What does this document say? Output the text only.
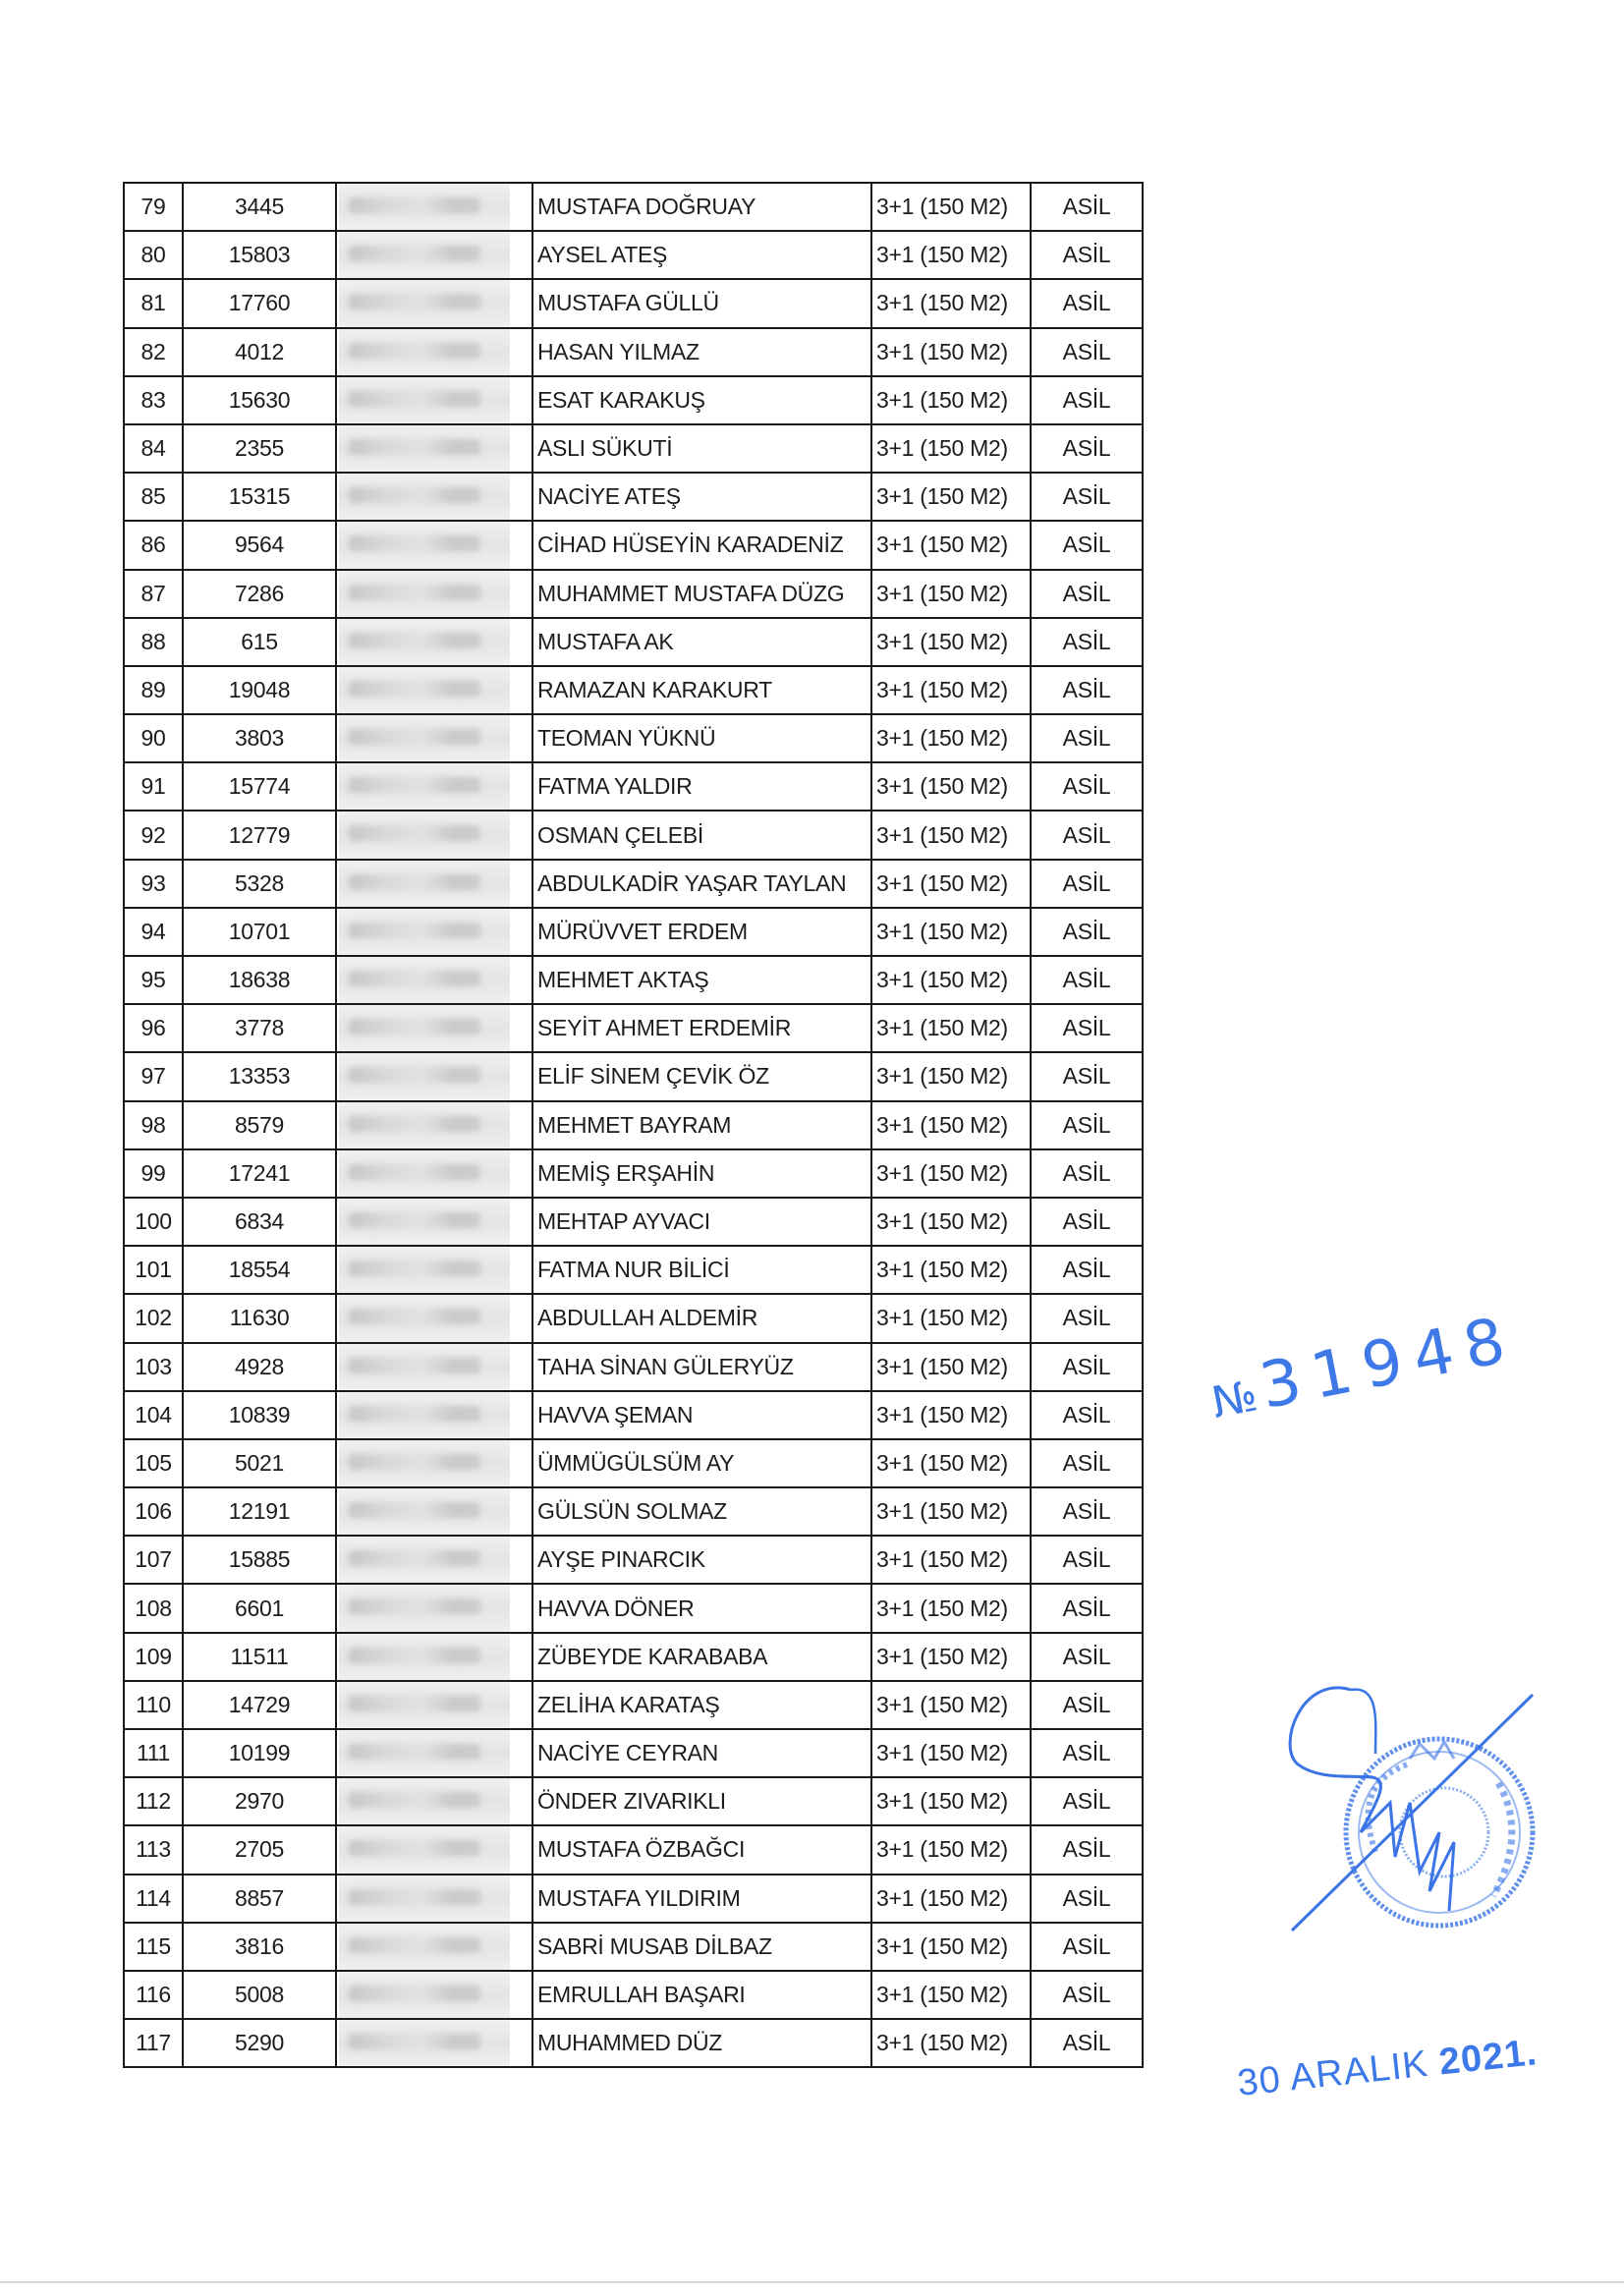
79	3445		MUSTAFA DOĞRUAY	3+1 (150 M2)	ASİL
80	15803		AYSEL ATEŞ	3+1 (150 M2)	ASİL
81	17760		MUSTAFA GÜLLÜ	3+1 (150 M2)	ASİL
82	4012		HASAN YILMAZ	3+1 (150 M2)	ASİL
83	15630		ESAT KARAKUŞ	3+1 (150 M2)	ASİL
84	2355		ASLI SÜKUTİ	3+1 (150 M2)	ASİL
85	15315		NACİYE ATEŞ	3+1 (150 M2)	ASİL
86	9564		CİHAD HÜSEYİN KARADENİZ	3+1 (150 M2)	ASİL
87	7286		MUHAMMET MUSTAFA DÜZG	3+1 (150 M2)	ASİL
88	615		MUSTAFA AK	3+1 (150 M2)	ASİL
89	19048		RAMAZAN KARAKURT	3+1 (150 M2)	ASİL
90	3803		TEOMAN YÜKNÜ	3+1 (150 M2)	ASİL
91	15774		FATMA YALDIR	3+1 (150 M2)	ASİL
92	12779		OSMAN ÇELEBİ	3+1 (150 M2)	ASİL
93	5328		ABDULKADİR YAŞAR TAYLAN	3+1 (150 M2)	ASİL
94	10701		MÜRÜVVET ERDEM	3+1 (150 M2)	ASİL
95	18638		MEHMET AKTAŞ	3+1 (150 M2)	ASİL
96	3778		SEYİT AHMET ERDEMİR	3+1 (150 M2)	ASİL
97	13353		ELİF SİNEM ÇEVİK ÖZ	3+1 (150 M2)	ASİL
98	8579		MEHMET BAYRAM	3+1 (150 M2)	ASİL
99	17241		MEMİŞ ERŞAHİN	3+1 (150 M2)	ASİL
100	6834		MEHTAP AYVACI	3+1 (150 M2)	ASİL
101	18554		FATMA NUR BİLİCİ	3+1 (150 M2)	ASİL
102	11630		ABDULLAH ALDEMİR	3+1 (150 M2)	ASİL
103	4928		TAHA SİNAN GÜLERYÜZ	3+1 (150 M2)	ASİL
104	10839		HAVVA ŞEMAN	3+1 (150 M2)	ASİL
105	5021		ÜMMÜGÜLSÜM AY	3+1 (150 M2)	ASİL
106	12191		GÜLSÜN SOLMAZ	3+1 (150 M2)	ASİL
107	15885		AYŞE PINARCIK	3+1 (150 M2)	ASİL
108	6601		HAVVA DÖNER	3+1 (150 M2)	ASİL
109	11511		ZÜBEYDE KARABABA	3+1 (150 M2)	ASİL
110	14729		ZELİHA KARATAŞ	3+1 (150 M2)	ASİL
111	10199		NACİYE CEYRAN	3+1 (150 M2)	ASİL
112	2970		ÖNDER ZIVARIKLI	3+1 (150 M2)	ASİL
113	2705		MUSTAFA ÖZBAĞCI	3+1 (150 M2)	ASİL
114	8857		MUSTAFA YILDIRIM	3+1 (150 M2)	ASİL
115	3816		SABRİ MUSAB DİLBAZ	3+1 (150 M2)	ASİL
116	5008		EMRULLAH BAŞARI	3+1 (150 M2)	ASİL
117	5290		MUHAMMED DÜZ	3+1 (150 M2)	ASİL
№31948
30 ARALIK 2021.
